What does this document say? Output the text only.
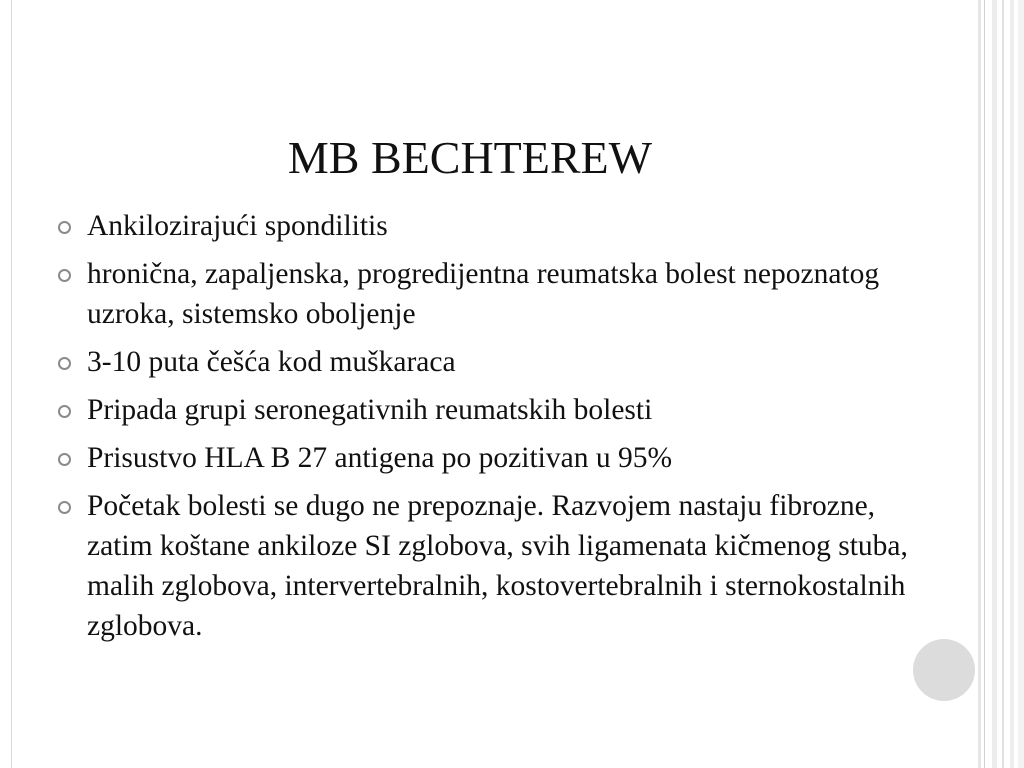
MB BECHTEREW
Ankilozirajući spondilitis
hronična, zapaljenska, progredijentna reumatska bolest nepoznatog uzroka, sistemsko oboljenje
3-10 puta češća kod muškaraca
Pripada grupi seronegativnih reumatskih bolesti
Prisustvo HLA B 27 antigena po pozitivan u 95%
Početak bolesti se dugo ne prepoznaje. Razvojem nastaju fibrozne, zatim koštane ankiloze SI zglobova, svih ligamenata kičmenog stuba, malih zglobova, intervertebralnih, kostovertebralnih i sternokostalnih zglobova.
